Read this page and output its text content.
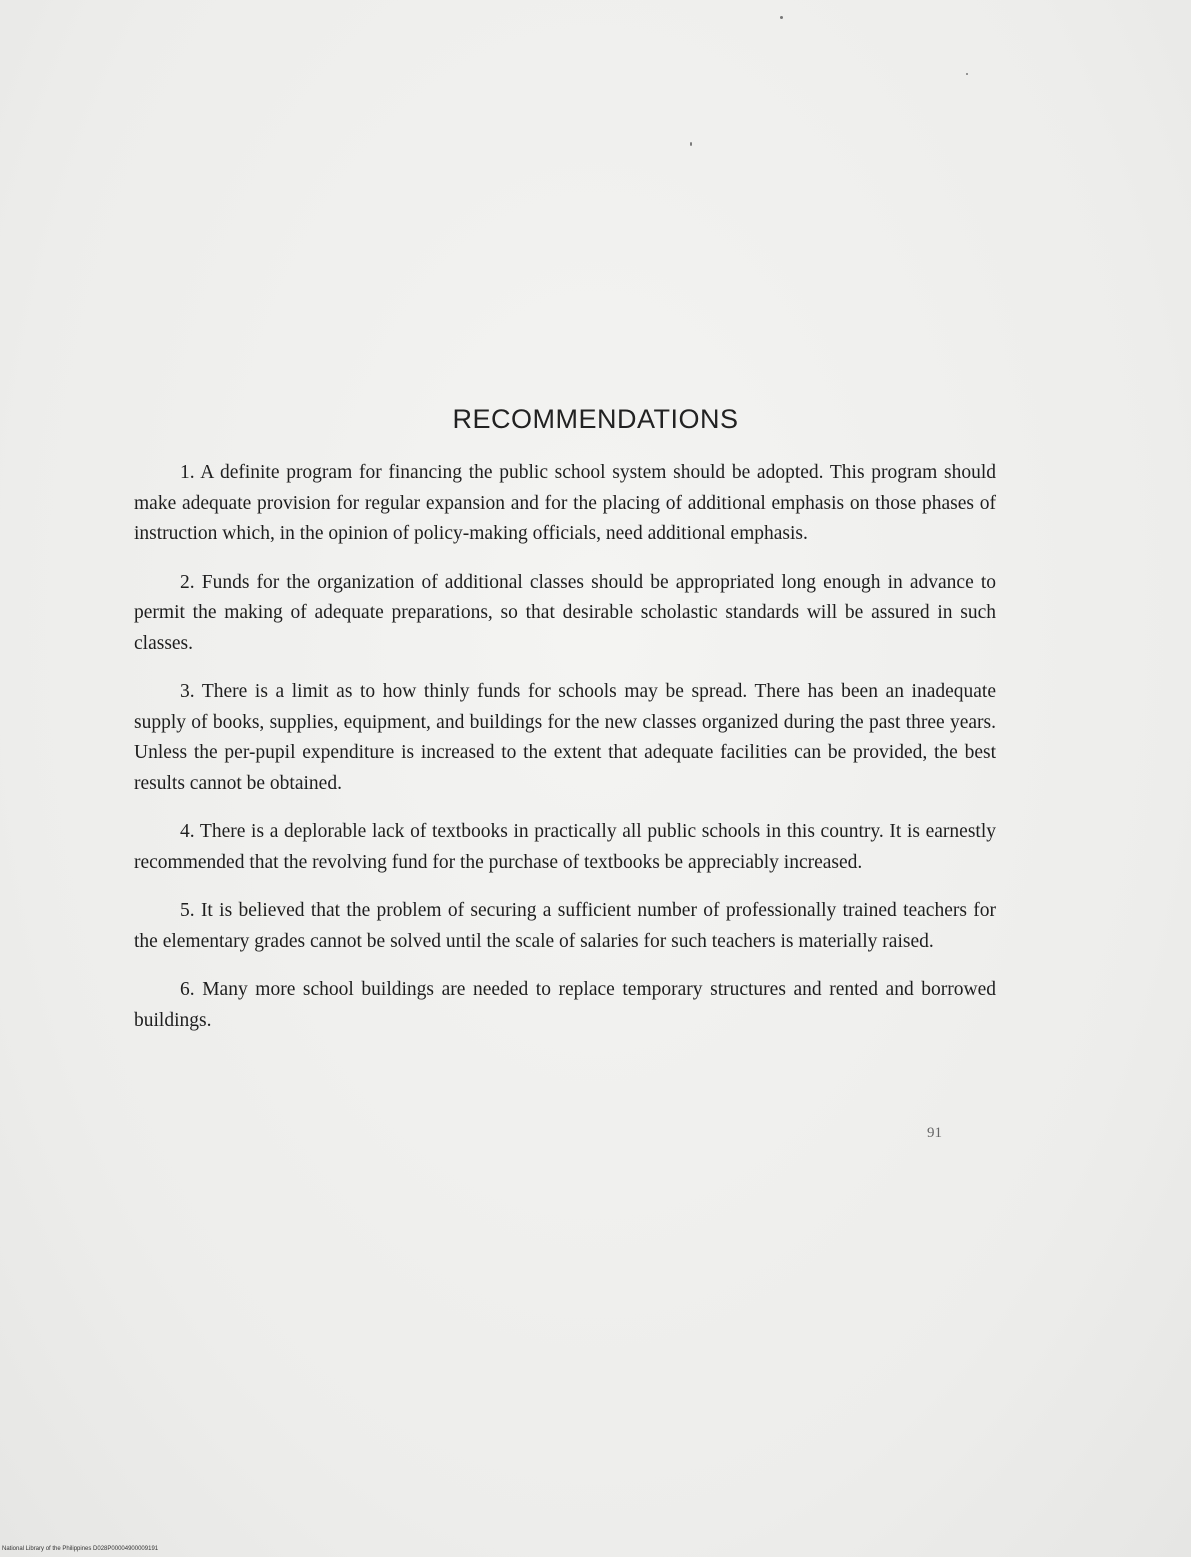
RECOMMENDATIONS

1. A definite program for financing the public school system should be adopted. This program should make adequate provision for regular expansion and for the placing of additional emphasis on those phases of instruction which, in the opinion of policy-making officials, need additional emphasis.

2. Funds for the organization of additional classes should be appropriated long enough in advance to permit the making of adequate preparations, so that desirable scholastic standards will be assured in such classes.

3. There is a limit as to how thinly funds for schools may be spread. There has been an inadequate supply of books, supplies, equipment, and buildings for the new classes organized during the past three years. Unless the per-pupil expenditure is increased to the extent that adequate facilities can be provided, the best results cannot be obtained.

4. There is a deplorable lack of textbooks in practically all public schools in this country. It is earnestly recommended that the revolving fund for the purchase of textbooks be appreciably increased.

5. It is believed that the problem of securing a sufficient number of professionally trained teachers for the elementary grades cannot be solved until the scale of salaries for such teachers is materially raised.

6. Many more school buildings are needed to replace temporary structures and rented and borrowed buildings.

91
National Library of the Philippines D028P00004900009191
